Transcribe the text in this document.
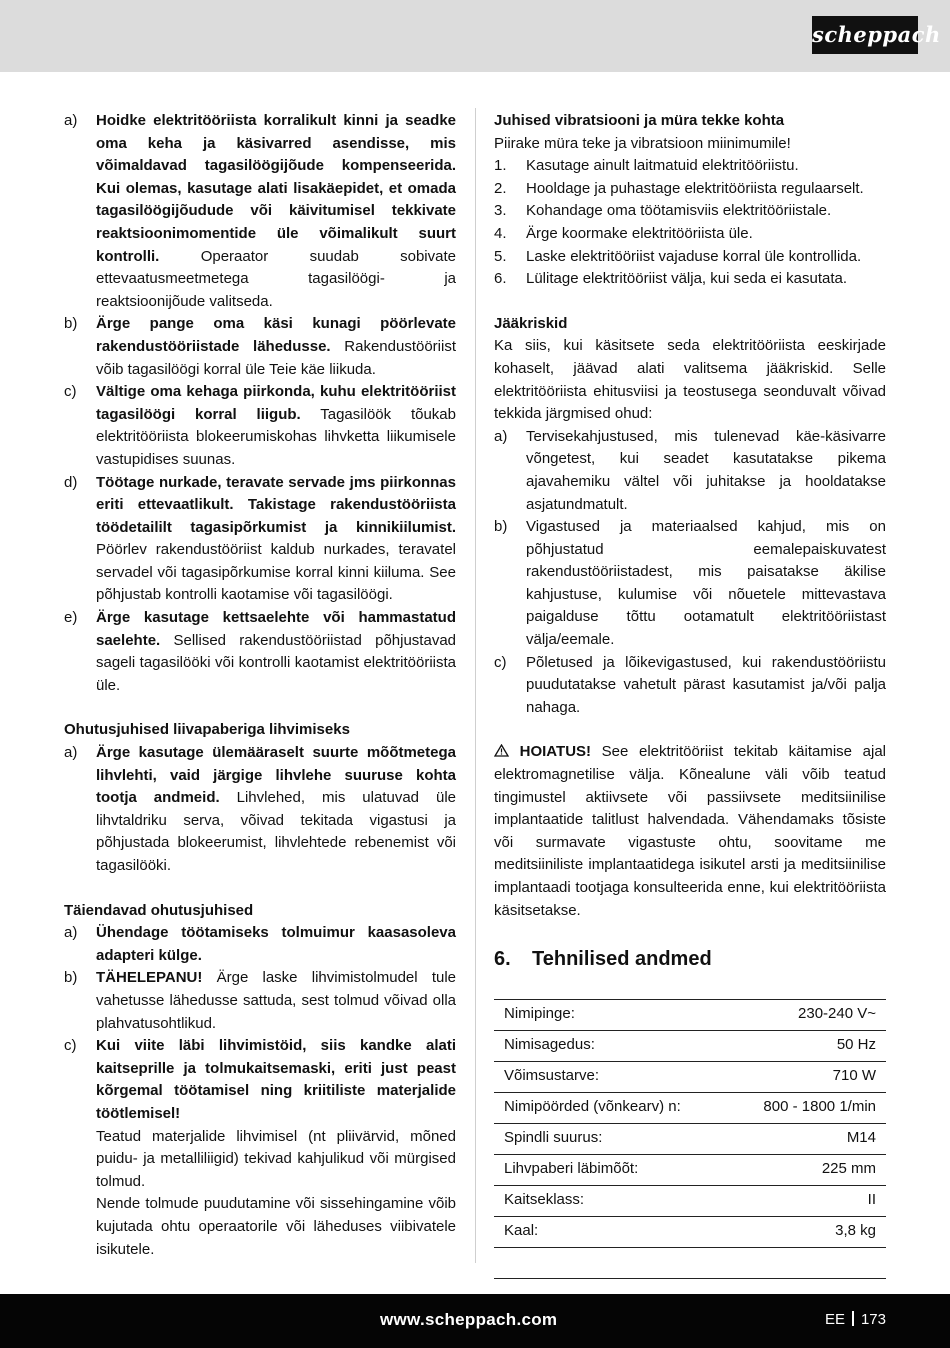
scheppach
a)	Hoidke elektritööriista korralikult kinni ja seadke oma keha ja käsivarred asendisse, mis võimaldavad tagasilöögijõude kompenseerida. Kui olemas, kasutage alati lisakäepidet, et omada tagasilöögijõudude või käivitumisel tekkivate reaktsioonimomentide üle võimalikult suurt kontrolli. Operaator suudab sobivate ettevaatusmeetmetega tagasilöögi- ja reaktsioonijõude valitseda.
b)	Ärge pange oma käsi kunagi pöörlevate rakendustööriistade lähedusse. Rakendustööriist võib tagasilöögi korral üle Teie käe liikuda.
c)	Vältige oma kehaga piirkonda, kuhu elektritööriist tagasilöögi korral liigub. Tagasilöök tõukab elektritööriista blokeerumiskohas lihvketta liikumisele vastupidises suunas.
d)	Töötage nurkade, teravate servade jms piirkonnas eriti ettevaatlikult. Takistage rakendustööriista töödetaililt tagasipõrkumist ja kinnikiilumist. Pöörlev rakendustööriist kaldub nurkades, teravatel servadel või tagasipõrkumise korral kinni kiiluma. See põhjustab kontrolli kaotamise või tagasilöögi.
e)	Ärge kasutage kettsaelehte või hammastatud saelehte. Sellised rakendustööriistad põhjustavad sageli tagasilööki või kontrolli kaotamist elektritööriista üle.
Ohutusjuhised liivapaberiga lihvimiseks
a)	Ärge kasutage ülemääraselt suurte mõõtmetega lihvlehti, vaid järgige lihvlehe suuruse kohta tootja andmeid. Lihvlehed, mis ulatuvad üle lihvtaldriku serva, võivad tekitada vigastusi ja põhjustada blokeerumist, lihvlehtede rebenemist või tagasilööki.
Täiendavad ohutusjuhised
a)	Ühendage töötamiseks tolmuimur kaasasoleva adapteri külge.
b)	TÄHELEPANU! Ärge laske lihvimistolmudel tule vahetusse lähedusse sattuda, sest tolmud võivad olla plahvatusohtlikud.
c)	Kui viite läbi lihvimistöid, siis kandke alati kaitseprille ja tolmukaitsemaski, eriti just peast kõrgemal töötamisel ning kriitiliste materjalide töötlemisel!
Teatud materjalide lihvimisel (nt pliivärvid, mõned puidu- ja metalliliigid) tekivad kahjulikud või mürgised tolmud.
Nende tolmude puudutamine või sissehingamine võib kujutada ohtu operaatorile või läheduses viibivatele isikutele.
Juhised vibratsiooni ja müra tekke kohta
Piirake müra teke ja vibratsioon miinimumile!
1.	Kasutage ainult laitmatuid elektritööriistu.
2.	Hooldage ja puhastage elektritööriista regulaarselt.
3.	Kohandage oma töötamisviis elektritööriistale.
4.	Ärge koormake elektritööriista üle.
5.	Laske elektritööriist vajaduse korral üle kontrollida.
6.	Lülitage elektritööriist välja, kui seda ei kasutata.
Jääkriskid
Ka siis, kui käsitsete seda elektritööriista eeskirjade kohaselt, jäävad alati valitsema jääkriskid. Selle elektritööriista ehitusviisi ja teostusega seonduvalt võivad tekkida järgmised ohud:
a)	Tervisekahjustused, mis tulenevad käe-käsivarre võngetest, kui seadet kasutatakse pikema ajavahemiku vältel või juhitakse ja hooldatakse asjatundmatult.
b)	Vigastused ja materiaalsed kahjud, mis on põhjustatud eemalepaiskuvatest rakendustööriistadest, mis paisatakse äkilise kahjustuse, kulumise või nõuetele mittevastava paigalduse tõttu ootamatult elektritööriistast välja/eemale.
c)	Põletused ja lõikevigastused, kui rakendustööriistu puudutatakse vahetult pärast kasutamist ja/või palja nahaga.
HOIATUS! See elektritööriist tekitab käitamise ajal elektromagnetilise välja. Kõnealune väli võib teatud tingimustel aktiivsete või passiivsete meditsiinilise implantaatide talitlust halvendada. Vähendamaks tõsiste või surmavate vigastuste ohtu, soovitame me meditsiiniliste implantaatidega isikutel arsti ja meditsiinilise implantaadi tootjaga konsulteerida enne, kui elektritööriista käsitsetakse.
6.	Tehnilised andmed
Nimipinge:	230-240 V~
Nimisagedus:	50 Hz
Võimsustarve:	710 W
Nimipöörded (võnkearv) n:	800 - 1800 1/min
Spindli suurus:	M14
Lihvpaberi läbimõõt:	225 mm
Kaitseklass:	II
Kaal:	3,8 kg

www.scheppach.com	EE 173
